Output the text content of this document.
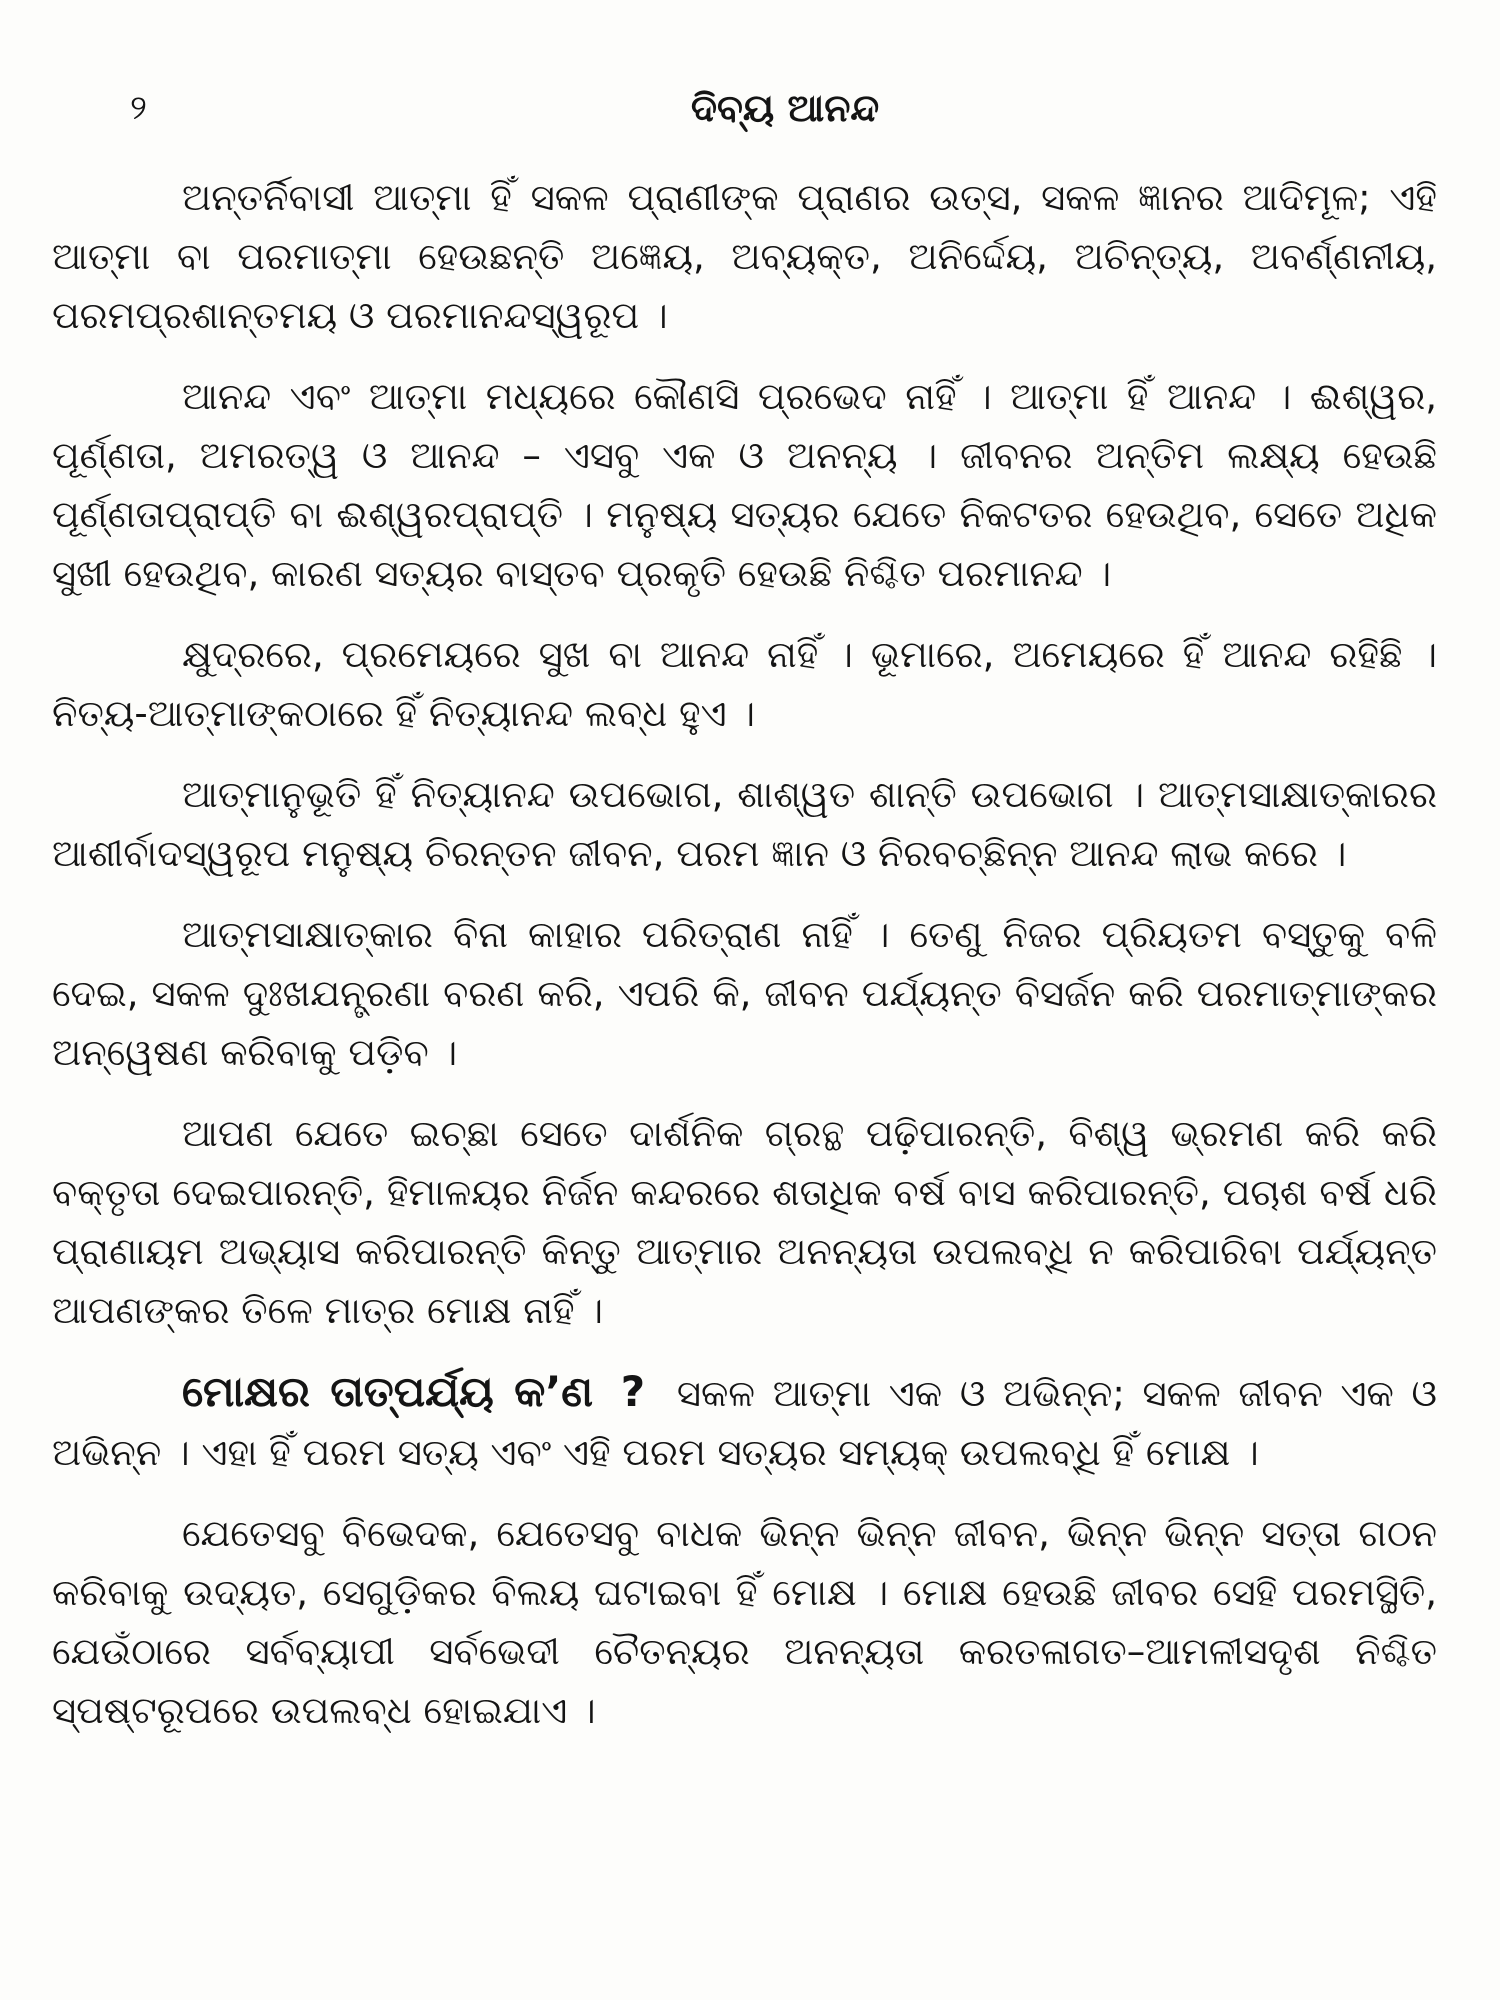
୨	ଦିବ୍ୟ ଆନନ୍ଦ

ଅନ୍ତର୍ନିବାସୀ ଆତ୍ମା ହିଁ ସକଳ ପ୍ରାଣୀଙ୍କ ପ୍ରାଣର ଉତ୍ସ, ସକଳ ଜ୍ଞାନର ଆଦିମୂଳ; ଏହି ଆତ୍ମା ବା ପରମାତ୍ମା ହେଉଛନ୍ତି ଅଜ୍ଞେୟ, ଅବ୍ୟକ୍ତ, ଅନିର୍ଦ୍ଦେୟ, ଅଚିନ୍ତ୍ୟ, ଅବର୍ଣ୍ଣନୀୟ, ପରମପ୍ରଶାନ୍ତମୟ ଓ ପରମାନନ୍ଦସ୍ୱରୂପ ।

ଆନନ୍ଦ ଏବଂ ଆତ୍ମା ମଧ୍ୟରେ କୌଣସି ପ୍ରଭେଦ ନାହିଁ । ଆତ୍ମା ହିଁ ଆନନ୍ଦ । ଈଶ୍ୱର, ପୂର୍ଣ୍ଣତା, ଅମରତ୍ୱ ଓ ଆନନ୍ଦ – ଏସବୁ ଏକ ଓ ଅନନ୍ୟ । ଜୀବନର ଅନ୍ତିମ ଲକ୍ଷ୍ୟ ହେଉଛି ପୂର୍ଣ୍ଣତାପ୍ରାପ୍ତି ବା ଈଶ୍ୱରପ୍ରାପ୍ତି । ମନୁଷ୍ୟ ସତ୍ୟର ଯେତେ ନିକଟତର ହେଉଥିବ, ସେତେ ଅଧିକ ସୁଖୀ ହେଉଥିବ, କାରଣ ସତ୍ୟର ବାସ୍ତବ ପ୍ରକୃତି ହେଉଛି ନିଶ୍ଚିତ ପରମାନନ୍ଦ ।

କ୍ଷୁଦ୍ରରେ, ପ୍ରମେୟରେ ସୁଖ ବା ଆନନ୍ଦ ନାହିଁ । ଭୂମାରେ, ଅମେୟରେ ହିଁ ଆନନ୍ଦ ରହିଛି । ନିତ୍ୟ-ଆତ୍ମାଙ୍କଠାରେ ହିଁ ନିତ୍ୟାନନ୍ଦ ଲବ୍‌ଧ ହୁଏ ।

ଆତ୍ମାନୁଭୂତି ହିଁ ନିତ୍ୟାନନ୍ଦ ଉପଭୋଗ, ଶାଶ୍ୱତ ଶାନ୍ତି ଉପଭୋଗ । ଆତ୍ମସାକ୍ଷାତ୍‌କାରର ଆଶୀର୍ବାଦସ୍ୱରୂପ ମନୁଷ୍ୟ ଚିରନ୍ତନ ଜୀବନ, ପରମ ଜ୍ଞାନ ଓ ନିରବଚ୍ଛିନ୍ନ ଆନନ୍ଦ ଲାଭ କରେ ।

ଆତ୍ମସାକ୍ଷାତ୍‌କାର ବିନା କାହାର ପରିତ୍ରାଣ ନାହିଁ । ତେଣୁ ନିଜର ପ୍ରିୟତମ ବସ୍ତୁକୁ ବଳି ଦେଇ, ସକଳ ଦୁଃଖଯନ୍ତ୍ରଣା ବରଣ କରି, ଏପରି କି, ଜୀବନ ପର୍ଯ୍ୟନ୍ତ ବିସର୍ଜନ କରି ପରମାତ୍ମାଙ୍କର ଅନ୍ୱେଷଣ କରିବାକୁ ପଡ଼ିବ ।

ଆପଣ ଯେତେ ଇଚ୍ଛା ସେତେ ଦାର୍ଶନିକ ଗ୍ରନ୍ଥ ପଢ଼ିପାରନ୍ତି, ବିଶ୍ୱ ଭ୍ରମଣ କରି କରି ବକ୍ତୃତା ଦେଇପାରନ୍ତି, ହିମାଳୟର ନିର୍ଜନ କନ୍ଦରରେ ଶତାଧିକ ବର୍ଷ ବାସ କରିପାରନ୍ତି, ପଚାଶ ବର୍ଷ ଧରି ପ୍ରାଣାୟମ ଅଭ୍ୟାସ କରିପାରନ୍ତି କିନ୍ତୁ ଆତ୍ମାର ଅନନ୍ୟତା ଉପଲବ୍‌ଧି ନ କରିପାରିବା ପର୍ଯ୍ୟନ୍ତ ଆପଣଙ୍କର ତିଳେ ମାତ୍ର ମୋକ୍ଷ ନାହିଁ ।

ମୋକ୍ଷର ତାତ୍ପର୍ଯ୍ୟ କ’ଣ ? ସକଳ ଆତ୍ମା ଏକ ଓ ଅଭିନ୍ନ; ସକଳ ଜୀବନ ଏକ ଓ ଅଭିନ୍ନ । ଏହା ହିଁ ପରମ ସତ୍ୟ ଏବଂ ଏହି ପରମ ସତ୍ୟର ସମ୍ୟକ୍ ଉପଲବ୍‌ଧି ହିଁ ମୋକ୍ଷ ।

ଯେତେସବୁ ବିଭେଦକ, ଯେତେସବୁ ବାଧକ ଭିନ୍ନ ଭିନ୍ନ ଜୀବନ, ଭିନ୍ନ ଭିନ୍ନ ସତ୍ତା ଗଠନ କରିବାକୁ ଉଦ୍ୟତ, ସେଗୁଡ଼ିକର ବିଲୟ ଘଟାଇବା ହିଁ ମୋକ୍ଷ । ମୋକ୍ଷ ହେଉଛି ଜୀବର ସେହି ପରମସ୍ଥିତି, ଯେଉଁଠାରେ ସର୍ବବ୍ୟାପୀ ସର୍ବଭେଦୀ ଚୈତନ୍ୟର ଅନନ୍ୟତା କରତଳାଗତ–ଆମଳୀସଦୃଶ ନିଶ୍ଚିତ ସ୍ପଷ୍ଟରୂପରେ ଉପଲବ୍‌ଧ ହୋଇଯାଏ ।
